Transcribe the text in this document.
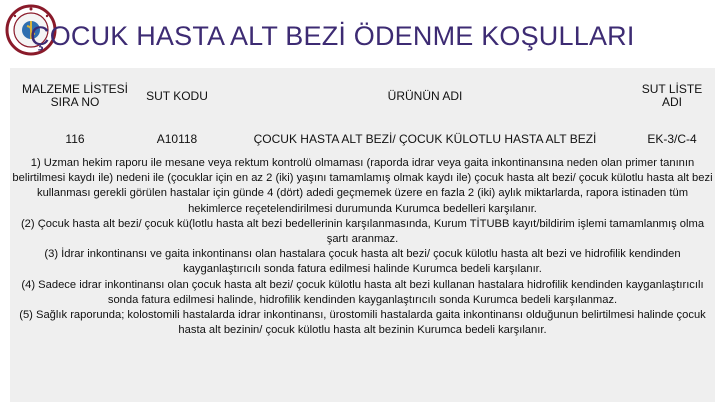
ÇOCUK HASTA ALT BEZİ ÖDENME KOŞULLARI
MALZEME LİSTESİ SIRA NO	SUT KODU	ÜRÜNÜN ADI	SUT LİSTE ADI
116	A10118	ÇOCUK HASTA ALT BEZİ/ ÇOCUK KÜLOTLU HASTA ALT BEZİ	EK-3/C-4

1) Uzman hekim raporu ile mesane veya rektum kontrolü olmaması (raporda idrar veya gaita inkontinansına neden olan primer tanının belirtilmesi kaydı ile) nedeni ile (çocuklar için en az 2 (iki) yaşını tamamlamış olmak kaydı ile) çocuk hasta alt bezi/ çocuk külotlu hasta alt bezi kullanması gerekli görülen hastalar için günde 4 (dört) adedi geçmemek üzere en fazla 2 (iki) aylık miktarlarda, rapora istinaden tüm hekimlerce reçetelendirilmesi durumunda Kurumca bedelleri karşılanır.

(2) Çocuk hasta alt bezi/ çocuk kü(lotlu hasta alt bezi bedellerinin karşılanmasında, Kurum TİTUBB kayıt/bildirim işlemi tamamlanmış olma şartı aranmaz.

(3) İdrar inkontinansı ve gaita inkontinansı olan hastalara çocuk hasta alt bezi/ çocuk külotlu hasta alt bezi ve hidrofilik kendinden kayganlaştırıcılı sonda fatura edilmesi halinde Kurumca bedeli karşılanır.

(4) Sadece idrar inkontinansı olan çocuk hasta alt bezi/ çocuk külotlu hasta alt bezi kullanan hastalara hidrofilik kendinden kayganlaştırıcılı sonda fatura edilmesi halinde, hidrofilik kendinden kayganlaştırıcılı sonda Kurumca bedeli karşılanmaz.

(5) Sağlık raporunda; kolostomili hastalarda idrar inkontinansı, ürostomili hastalarda gaita inkontinansı olduğunun belirtilmesi halinde çocuk hasta alt bezinin/ çocuk külotlu hasta alt bezinin Kurumca bedeli karşılanır.
